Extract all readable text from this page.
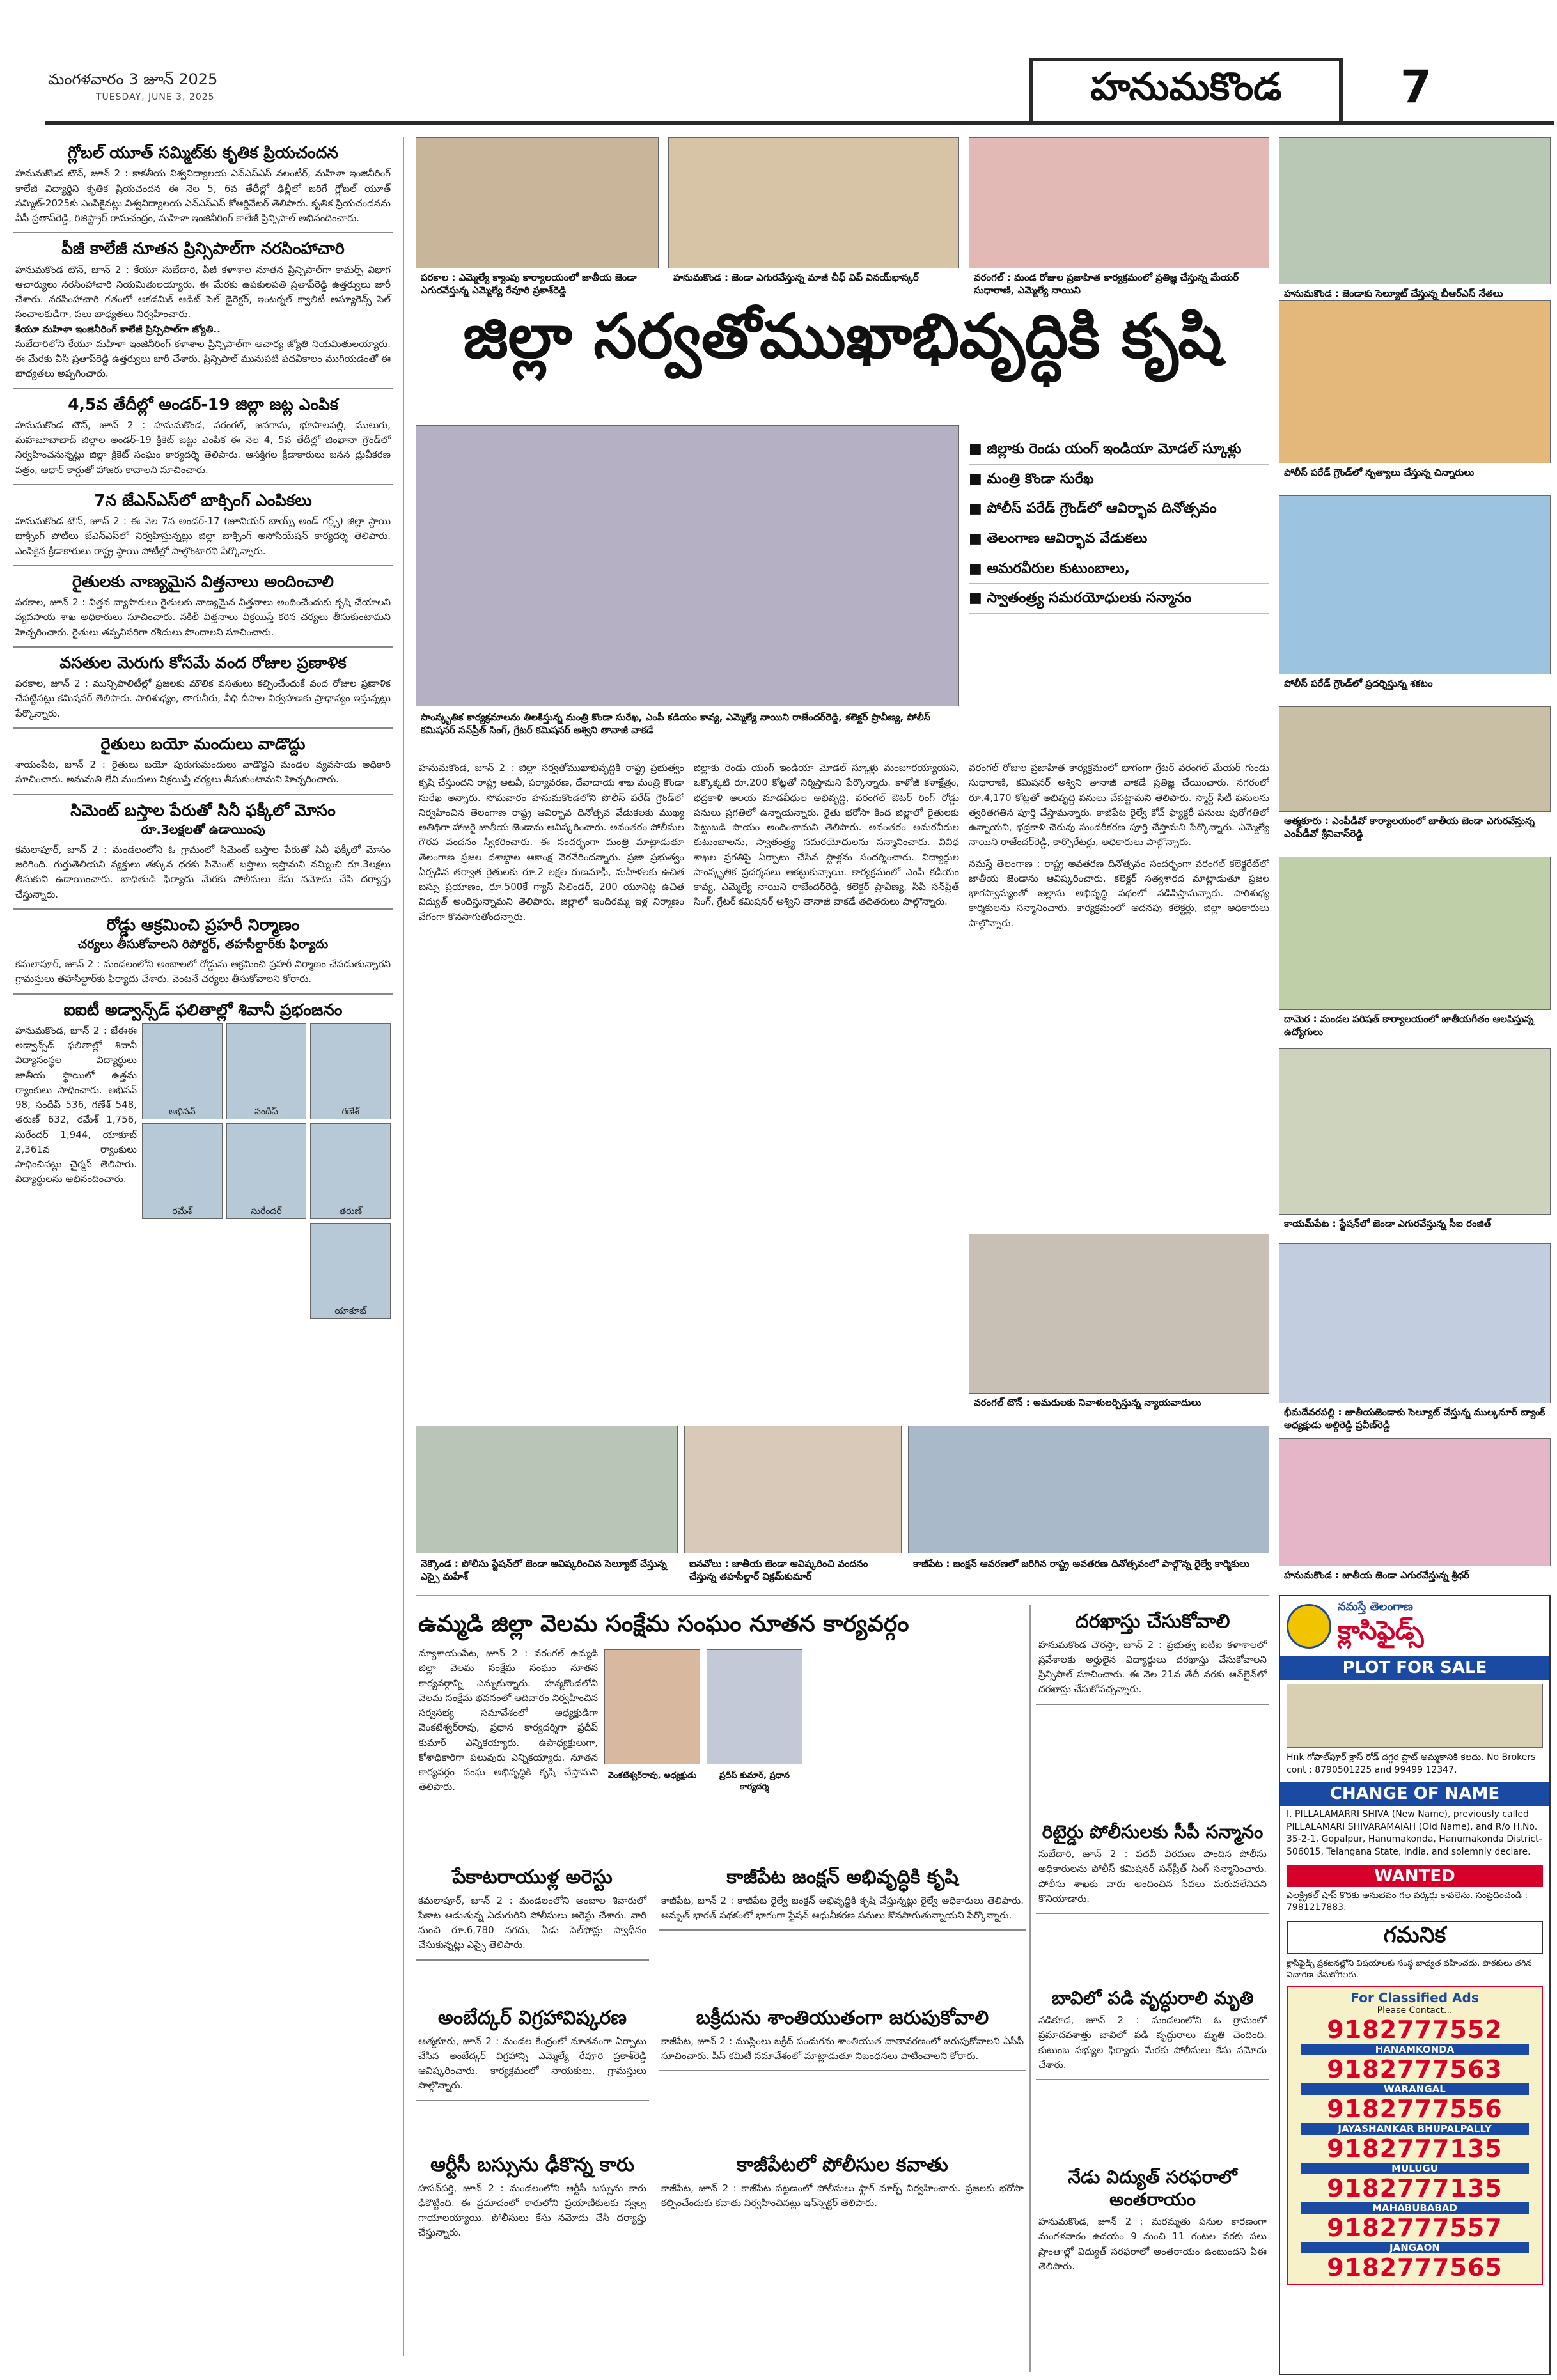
మంగళవారం 3 జూన్ 2025
TUESDAY, JUNE 3, 2025	హనుమకొండ	7
గ్లోబల్ యూత్ సమ్మిట్‌కు కృతిక ప్రియచందన

హనుమకొండ టౌన్, జూన్ 2 : కాకతీయ విశ్వవిద్యాలయ ఎన్ఎస్ఎస్ వలంటీర్, మహిళా ఇంజినీరింగ్ కాలేజీ విద్యార్థిని కృతిక ప్రియచందన ఈ నెల 5, 6వ తేదీల్లో ఢిల్లీలో జరిగే గ్లోబల్ యూత్ సమ్మిట్-2025కు ఎంపికైనట్లు విశ్వవిద్యాలయ ఎన్ఎస్ఎస్ కోఆర్డినేటర్ తెలిపారు. కృతిక ప్రియచందనను వీసీ ప్రతాప్‌రెడ్డి, రిజిస్ట్రార్ రామచంద్రం, మహిళా ఇంజినీరింగ్ కాలేజీ ప్రిన్సిపాల్ అభినందించారు.

పీజీ కాలేజీ నూతన ప్రిన్సిపాల్‌గా నరసింహాచారి

హనుమకొండ టౌన్, జూన్ 2 : కేయూ సుబేదారి, పీజీ కళాశాల నూతన ప్రిన్సిపాల్‌గా కామర్స్ విభాగ ఆచార్యులు నరసింహాచారి నియమితులయ్యారు. ఈ మేరకు ఉపకులపతి ప్రతాప్‌రెడ్డి ఉత్తర్వులు జారీ చేశారు. నరసింహాచారి గతంలో అకడమిక్ ఆడిట్ సెల్ డైరెక్టర్, ఇంటర్నల్ క్వాలిటీ అస్యూరెన్స్ సెల్ సంచాలకుడిగా, పలు బాధ్యతలు నిర్వహించారు.

కేయూ మహిళా ఇంజినీరింగ్ కాలేజీ ప్రిన్సిపాల్‌గా జ్యోతి..

సుబేదారిలోని కేయూ మహిళా ఇంజినీరింగ్ కళాశాల ప్రిన్సిపాల్‌గా ఆచార్య జ్యోతి నియమితులయ్యారు. ఈ మేరకు వీసీ ప్రతాప్‌రెడ్డి ఉత్తర్వులు జారీ చేశారు. ప్రిన్సిపాల్ మునుపటి పదవీకాలం ముగియడంతో ఈ బాధ్యతలు అప్పగించారు.

4,5వ తేదీల్లో అండర్-19 జిల్లా జట్ల ఎంపిక

హనుమకొండ టౌన్, జూన్ 2 : హనుమకొండ, వరంగల్, జనగామ, భూపాలపల్లి, ములుగు, మహబూబాబాద్ జిల్లాల అండర్-19 క్రికెట్ జట్టు ఎంపిక ఈ నెల 4, 5వ తేదీల్లో జింఖానా గ్రౌండ్‌లో నిర్వహించనున్నట్లు జిల్లా క్రికెట్ సంఘం కార్యదర్శి తెలిపారు. ఆసక్తిగల క్రీడాకారులు జనన ధ్రువీకరణ పత్రం, ఆధార్ కార్డుతో హాజరు కావాలని సూచించారు.

7న జేఎన్ఎస్‌లో బాక్సింగ్ ఎంపికలు

హనుమకొండ టౌన్, జూన్ 2 : ఈ నెల 7న అండర్-17 (జూనియర్ బాయ్స్ అండ్ గర్ల్స్) జిల్లా స్థాయి బాక్సింగ్ పోటీలు జేఎన్ఎస్‌లో నిర్వహిస్తున్నట్లు జిల్లా బాక్సింగ్ అసోసియేషన్ కార్యదర్శి తెలిపారు. ఎంపికైన క్రీడాకారులు రాష్ట్ర స్థాయి పోటీల్లో పాల్గొంటారని పేర్కొన్నారు.

రైతులకు నాణ్యమైన విత్తనాలు అందించాలి

పరకాల, జూన్ 2 : విత్తన వ్యాపారులు రైతులకు నాణ్యమైన విత్తనాలు అందించేందుకు కృషి చేయాలని వ్యవసాయ శాఖ అధికారులు సూచించారు. నకిలీ విత్తనాలు విక్రయిస్తే కఠిన చర్యలు తీసుకుంటామని హెచ్చరించారు. రైతులు తప్పనిసరిగా రశీదులు పొందాలని సూచించారు.

వసతుల మెరుగు కోసమే వంద రోజుల ప్రణాళిక

పరకాల, జూన్ 2 : మున్సిపాలిటీల్లో ప్రజలకు మౌలిక వసతులు కల్పించేందుకే వంద రోజుల ప్రణాళిక చేపట్టినట్లు కమిషనర్ తెలిపారు. పారిశుధ్యం, తాగునీరు, వీధి దీపాల నిర్వహణకు ప్రాధాన్యం ఇస్తున్నట్లు పేర్కొన్నారు.

రైతులు బయో మందులు వాడొద్దు

శాయంపేట, జూన్ 2 : రైతులు బయో పురుగుమందులు వాడొద్దని మండల వ్యవసాయ అధికారి సూచించారు. అనుమతి లేని మందులు విక్రయిస్తే చర్యలు తీసుకుంటామని హెచ్చరించారు.

సిమెంట్ బస్తాల పేరుతో సినీ ఫక్కీలో మోసం
రూ.3లక్షలతో ఉడాయింపు

కమలాపూర్, జూన్ 2 : మండలంలోని ఓ గ్రామంలో సిమెంట్ బస్తాల పేరుతో సినీ ఫక్కీలో మోసం జరిగింది. గుర్తుతెలియని వ్యక్తులు తక్కువ ధరకు సిమెంట్ బస్తాలు ఇస్తామని నమ్మించి రూ.3లక్షలు తీసుకుని ఉడాయించారు. బాధితుడి ఫిర్యాదు మేరకు పోలీసులు కేసు నమోదు చేసి దర్యాప్తు చేస్తున్నారు.

రోడ్డు ఆక్రమించి ప్రహరీ నిర్మాణం
చర్యలు తీసుకోవాలని రిపోర్టర్, తహసీల్దార్‌కు ఫిర్యాదు

కమలాపూర్, జూన్ 2 : మండలంలోని అంబాలలో రోడ్డును ఆక్రమించి ప్రహరీ నిర్మాణం చేపడుతున్నారని గ్రామస్తులు తహసీల్దార్‌కు ఫిర్యాదు చేశారు. వెంటనే చర్యలు తీసుకోవాలని కోరారు.

ఐఐటీ అడ్వాన్స్‌డ్ ఫలితాల్లో శివానీ ప్రభంజనం

హనుమకొండ, జూన్ 2 : జేఈఈ అడ్వాన్స్‌డ్ ఫలితాల్లో శివానీ విద్యాసంస్థల విద్యార్థులు జాతీయ స్థాయిలో ఉత్తమ ర్యాంకులు సాధించారు. అభినవ్ 98, సందీప్ 536, గణేశ్ 548, తరుణ్ 632, రమేశ్ 1,756, సురేందర్ 1,944, యాకూబ్ 2,361వ ర్యాంకులు సాధించినట్లు చైర్మన్ తెలిపారు. విద్యార్థులను అభినందించారు.

అభినవ్	సందీప్	గణేశ్
రమేశ్	సురేందర్	తరుణ్
యాకూబ్
పరకాల : ఎమ్మెల్యే క్యాంపు కార్యాలయంలో జాతీయ జెండా ఎగురవేస్తున్న ఎమ్మెల్యే రేవూరి ప్రకాశ్‌రెడ్డి
హనుమకొండ : జెండా ఎగురవేస్తున్న మాజీ చీఫ్ విప్ వినయ్‌భాస్కర్	వరంగల్ : మండ రోజుల ప్రజాహిత కార్యక్రమంలో ప్రతిజ్ఞ చేస్తున్న మేయర్ సుధారాణి, ఎమ్మెల్యే నాయిని	హనుమకొండ : జెండాకు సెల్యూట్ చేస్తున్న బీఆర్ఎస్ నేతలు
జిల్లా సర్వతోముఖాభివృద్ధికి కృషి
సాంస్కృతిక కార్యక్రమాలను తిలకిస్తున్న మంత్రి కొండా సురేఖ, ఎంపీ కడియం కావ్య, ఎమ్మెల్యే నాయిని రాజేందర్‌రెడ్డి, కలెక్టర్ ప్రావీణ్య, పోలీస్ కమిషనర్ సన్‌ప్రీత్ సింగ్, గ్రేటర్ కమిషనర్ అశ్విని తానాజీ వాకడే
■ జిల్లాకు రెండు యంగ్ ఇండియా మోడల్ స్కూళ్లు
■ మంత్రి కొండా సురేఖ
■ పోలీస్ పరేడ్ గ్రౌండ్‌లో ఆవిర్భావ దినోత్సవం
■ తెలంగాణ ఆవిర్భావ వేడుకలు
■ అమరవీరుల కుటుంబాలు,
■ స్వాతంత్ర్య సమరయోధులకు సన్మానం

హనుమకొండ, జూన్ 2 : జిల్లా సర్వతోముఖాభివృద్ధికి రాష్ట్ర ప్రభుత్వం కృషి చేస్తుందని రాష్ట్ర అటవీ, పర్యావరణ, దేవాదాయ శాఖ మంత్రి కొండా సురేఖ అన్నారు. సోమవారం హనుమకొండలోని పోలీస్ పరేడ్ గ్రౌండ్‌లో నిర్వహించిన తెలంగాణ రాష్ట్ర ఆవిర్భావ దినోత్సవ వేడుకలకు ముఖ్య అతిథిగా హాజరై జాతీయ జెండాను ఆవిష్కరించారు. అనంతరం పోలీసుల గౌరవ వందనం స్వీకరించారు. ఈ సందర్భంగా మంత్రి మాట్లాడుతూ తెలంగాణ ప్రజల దశాబ్దాల ఆకాంక్ష నెరవేరిందన్నారు. ప్రజా ప్రభుత్వం ఏర్పడిన తర్వాత రైతులకు రూ.2 లక్షల రుణమాఫీ, మహిళలకు ఉచిత బస్సు ప్రయాణం, రూ.500కే గ్యాస్ సిలిండర్, 200 యూనిట్ల ఉచిత విద్యుత్ అందిస్తున్నామని తెలిపారు. జిల్లాలో ఇందిరమ్మ ఇళ్ల నిర్మాణం వేగంగా కొనసాగుతోందన్నారు.

జిల్లాకు రెండు యంగ్ ఇండియా మోడల్ స్కూళ్లు మంజూరయ్యాయని, ఒక్కొక్కటి రూ.200 కోట్లతో నిర్మిస్తామని పేర్కొన్నారు. కాళోజీ కళాక్షేత్రం, భద్రకాళి ఆలయ మాడవీధుల అభివృద్ధి, వరంగల్ ఔటర్ రింగ్ రోడ్డు పనులు ప్రగతిలో ఉన్నాయన్నారు. రైతు భరోసా కింద జిల్లాలో రైతులకు పెట్టుబడి సాయం అందించామని తెలిపారు. అనంతరం అమరవీరుల కుటుంబాలను, స్వాతంత్ర్య సమరయోధులను సన్మానించారు. వివిధ శాఖల ప్రగతిపై ఏర్పాటు చేసిన స్టాళ్లను సందర్శించారు. విద్యార్థుల సాంస్కృతిక ప్రదర్శనలు ఆకట్టుకున్నాయి. కార్యక్రమంలో ఎంపీ కడియం కావ్య, ఎమ్మెల్యే నాయిని రాజేందర్‌రెడ్డి, కలెక్టర్ ప్రావీణ్య, సీపీ సన్‌ప్రీత్ సింగ్, గ్రేటర్ కమిషనర్ అశ్విని తానాజీ వాకడే తదితరులు పాల్గొన్నారు.

వరంగల్ రోజుల ప్రజాహిత కార్యక్రమంలో భాగంగా గ్రేటర్ వరంగల్ మేయర్ గుండు సుధారాణి, కమిషనర్ అశ్విని తానాజీ వాకడే ప్రతిజ్ఞ చేయించారు. నగరంలో రూ.4,170 కోట్లతో అభివృద్ధి పనులు చేపట్టామని తెలిపారు. స్మార్ట్ సిటీ పనులను త్వరితగతిన పూర్తి చేస్తామన్నారు. కాజీపేట రైల్వే కోచ్ ఫ్యాక్టరీ పనులు పురోగతిలో ఉన్నాయని, భద్రకాళి చెరువు సుందరీకరణ పూర్తి చేస్తామని పేర్కొన్నారు. ఎమ్మెల్యే నాయిని రాజేందర్‌రెడ్డి, కార్పొరేటర్లు, అధికారులు పాల్గొన్నారు.

నమస్తే తెలంగాణ : రాష్ట్ర అవతరణ దినోత్సవం సందర్భంగా వరంగల్ కలెక్టరేట్‌లో జాతీయ జెండాను ఆవిష్కరించారు. కలెక్టర్ సత్యశారద మాట్లాడుతూ ప్రజల భాగస్వామ్యంతో జిల్లాను అభివృద్ధి పథంలో నడిపిస్తామన్నారు. పారిశుధ్య కార్మికులను సన్మానించారు. కార్యక్రమంలో అదనపు కలెక్టర్లు, జిల్లా అధికారులు పాల్గొన్నారు.

పోలీస్ పరేడ్ గ్రౌండ్‌లో నృత్యాలు చేస్తున్న చిన్నారులు
పోలీస్ పరేడ్ గ్రౌండ్‌లో ప్రదర్శిస్తున్న శకటం
ఆత్మకూరు : ఎంపీడీవో కార్యాలయంలో జాతీయ జెండా ఎగురవేస్తున్న ఎంపీడీవో శ్రీనివాస్‌రెడ్డి
దామెర : మండల పరిషత్ కార్యాలయంలో జాతీయగీతం ఆలపిస్తున్న ఉద్యోగులు
కాయమ్‌పేట : స్టేషన్‌లో జెండా ఎగురవేస్తున్న సీఐ రంజిత్
భీమదేవరపల్లి : జాతీయజెండాకు సెల్యూట్ చేస్తున్న ముల్కనూర్ బ్యాంక్ అధ్యక్షుడు అల్గిరెడ్డి ప్రవీణ్‌రెడ్డి
వరంగల్ టౌన్ : అమరులకు నివాళులర్పిస్తున్న న్యాయవాదులు
హనుమకొండ : జాతీయ జెండా ఎగురవేస్తున్న శ్రీధర్
నెక్కొండ : పోలీసు స్టేషన్‌లో జెండా ఆవిష్కరించిన సెల్యూట్ చేస్తున్న ఎస్సై మహేశ్
ఐనవోలు : జాతీయ జెండా ఆవిష్కరించి వందనం చేస్తున్న తహసీల్దార్ విక్రమ్‌కుమార్
కాజీపేట : జంక్షన్ ఆవరణలో జరిగిన రాష్ట్ర అవతరణ దినోత్సవంలో పాల్గొన్న రైల్వే కార్మికులు
ఉమ్మడి జిల్లా వెలమ సంక్షేమ సంఘం నూతన కార్యవర్గం

న్యూశాయంపేట, జూన్ 2 : వరంగల్ ఉమ్మడి జిల్లా వెలమ సంక్షేమ సంఘం నూతన కార్యవర్గాన్ని ఎన్నుకున్నారు. హన్మకొండలోని వెలమ సంక్షేమ భవనంలో ఆదివారం నిర్వహించిన సర్వసభ్య సమావేశంలో అధ్యక్షుడిగా వెంకటేశ్వర్‌రావు, ప్రధాన కార్యదర్శిగా ప్రదీప్ కుమార్ ఎన్నికయ్యారు. ఉపాధ్యక్షులుగా, కోశాధికారిగా పలువురు ఎన్నికయ్యారు. నూతన కార్యవర్గం సంఘ అభివృద్ధికి కృషి చేస్తామని తెలిపారు.

వెంకటేశ్వర్‌రావు, అధ్యక్షుడు	ప్రదీప్ కుమార్, ప్రధాన కార్యదర్శి
పేకాటరాయుళ్ల అరెస్టు

కమలాపూర్, జూన్ 2 : మండలంలోని అంబాల శివారులో పేకాట ఆడుతున్న ఏడుగురిని పోలీసులు అరెస్టు చేశారు. వారి నుంచి రూ.6,780 నగదు, ఏడు సెల్‌ఫోన్లు స్వాధీనం చేసుకున్నట్లు ఎస్సై తెలిపారు.

అంబేద్కర్ విగ్రహావిష్కరణ

ఆత్మకూరు, జూన్ 2 : మండల కేంద్రంలో నూతనంగా ఏర్పాటు చేసిన అంబేద్కర్ విగ్రహాన్ని ఎమ్మెల్యే రేవూరి ప్రకాశ్‌రెడ్డి ఆవిష్కరించారు. కార్యక్రమంలో నాయకులు, గ్రామస్తులు పాల్గొన్నారు.

ఆర్టీసీ బస్సును ఢీకొన్న కారు

హసన్‌పర్తి, జూన్ 2 : మండలంలోని ఆర్టీసీ బస్సును కారు ఢీకొట్టింది. ఈ ప్రమాదంలో కారులోని ప్రయాణికులకు స్వల్ప గాయాలయ్యాయి. పోలీసులు కేసు నమోదు చేసి దర్యాప్తు చేస్తున్నారు.

కాజీపేట జంక్షన్ అభివృద్ధికి కృషి

కాజీపేట, జూన్ 2 : కాజీపేట రైల్వే జంక్షన్ అభివృద్ధికి కృషి చేస్తున్నట్లు రైల్వే అధికారులు తెలిపారు. అమృత్ భారత్ పథకంలో భాగంగా స్టేషన్ ఆధునీకరణ పనులు కొనసాగుతున్నాయని పేర్కొన్నారు.

బక్రీదును శాంతియుతంగా జరుపుకోవాలి

కాజీపేట, జూన్ 2 : ముస్లింలు బక్రీద్ పండుగను శాంతియుత వాతావరణంలో జరుపుకోవాలని ఏసీపీ సూచించారు. పీస్ కమిటీ సమావేశంలో మాట్లాడుతూ నిబంధనలు పాటించాలని కోరారు.

కాజీపేటలో పోలీసుల కవాతు

కాజీపేట, జూన్ 2 : కాజీపేట పట్టణంలో పోలీసులు ఫ్లాగ్ మార్చ్ నిర్వహించారు. ప్రజలకు భరోసా కల్పించేందుకు కవాతు నిర్వహించినట్లు ఇన్‌స్పెక్టర్ తెలిపారు.

దరఖాస్తు చేసుకోవాలి

హనుమకొండ చౌరస్తా, జూన్ 2 : ప్రభుత్వ ఐటీఐ కళాశాలలో ప్రవేశాలకు అర్హులైన విద్యార్థులు దరఖాస్తు చేసుకోవాలని ప్రిన్సిపాల్ సూచించారు. ఈ నెల 21వ తేదీ వరకు ఆన్‌లైన్‌లో దరఖాస్తు చేసుకోవచ్చన్నారు.

రిటైర్డు పోలీసులకు సీపీ సన్మానం

సుబేదారి, జూన్ 2 : పదవీ విరమణ పొందిన పోలీసు అధికారులను పోలీస్ కమిషనర్ సన్‌ప్రీత్ సింగ్ సన్మానించారు. పోలీసు శాఖకు వారు అందించిన సేవలు మరువలేనివని కొనియాడారు.

బావిలో పడి వృద్ధురాలి మృతి

నడికూడ, జూన్ 2 : మండలంలోని ఓ గ్రామంలో ప్రమాదవశాత్తు బావిలో పడి వృద్ధురాలు మృతి చెందింది. కుటుంబ సభ్యుల ఫిర్యాదు మేరకు పోలీసులు కేసు నమోదు చేశారు.

నేడు విద్యుత్ సరఫరాలో అంతరాయం

హనుమకొండ, జూన్ 2 : మరమ్మతు పనుల కారణంగా మంగళవారం ఉదయం 9 నుంచి 11 గంటల వరకు పలు ప్రాంతాల్లో విద్యుత్ సరఫరాలో అంతరాయం ఉంటుందని ఏఈ తెలిపారు.

నమస్తే తెలంగాణ
క్లాసిఫైడ్స్
PLOT FOR SALE

Hnk గోపాల్‌పూర్ క్రాస్ రోడ్ దగ్గర ప్లాట్ అమ్మకానికి కలదు. No Brokers cont : 8790501225 and 99499 12347.

CHANGE OF NAME

I, PILLALAMARRI SHIVA (New Name), previously called PILLALAMARI SHIVARAMAIAH (Old Name), and R/o H.No. 35-2-1, Gopalpur, Hanumakonda, Hanumakonda District-506015, Telangana State, India, and solemnly declare.

WANTED

ఎలక్ట్రికల్ షాప్ కొరకు అనుభవం గల వర్కర్లు కావలెను. సంప్రదించండి : 7981217883.

గమనిక

క్లాసిఫైడ్స్ ప్రకటనల్లోని విషయాలకు సంస్థ బాధ్యత వహించదు. పాఠకులు తగిన విచారణ చేసుకోగలరు.

For Classified Ads
Please Contact...
9182777552
HANAMKONDA
9182777563
WARANGAL
9182777556
JAYASHANKAR BHUPALPALLY
9182777135
MULUGU
9182777135
MAHABUBABAD
9182777557
JANGAON
9182777565
